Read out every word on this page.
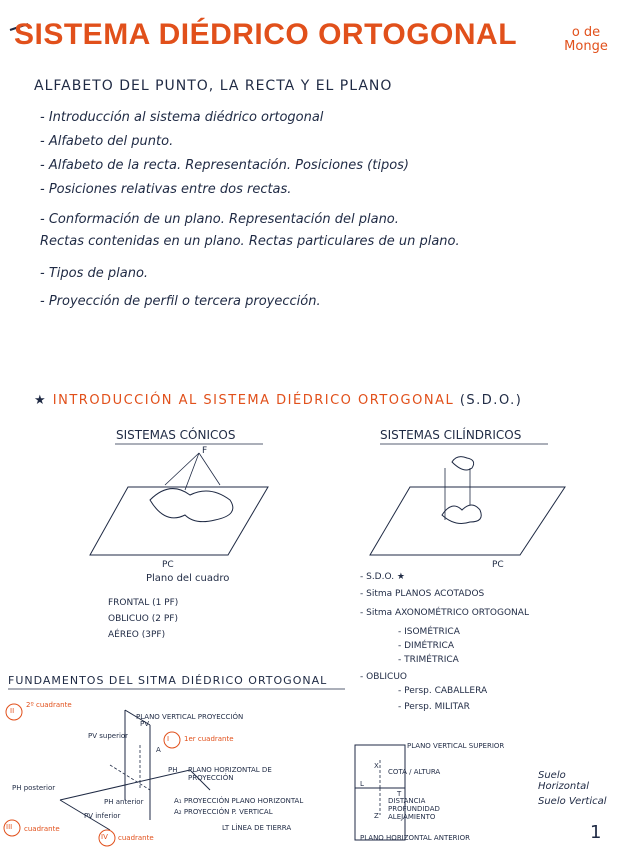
SISTEMA DIÉDRICO ORTOGONAL	o de
Monge
ALFABETO DEL PUNTO, LA RECTA Y EL PLANO
- Introducción al sistema diédrico ortogonal
- Alfabeto del punto.
- Alfabeto de la recta. Representación. Posiciones (tipos)
- Posiciones relativas entre dos rectas.
- Conformación de un plano. Representación del plano.
Rectas contenidas en un plano. Rectas particulares de un plano.
- Tipos de plano.
- Proyección de perfil o tercera proyección.
★ INTRODUCCIÓN AL SISTEMA DIÉDRICO ORTOGONAL (S.D.O.)
SISTEMAS CÓNICOS
F
PC
Plano del cuadro
FRONTAL (1 PF)
OBLICUO (2 PF)
AÉREO (3PF)
SISTEMAS CILÍNDRICOS
PC
- S.D.O. ★
- Sitma PLANOS ACOTADOS
- Sitma AXONOMÉTRICO ORTOGONAL
- ISOMÉTRICA
- DIMÉTRICA
- TRIMÉTRICA
- OBLICUO
- Persp. CABALLERA
- Persp. MILITAR
FUNDAMENTOS DEL SITMA DIÉDRICO ORTOGONAL
II
2º cuadrante
I 1er cuadrante
III cuadrante
IV cuadrante
PLANO VERTICAL PROYECCIÓN
PLANO HORIZONTAL DE PROYECCIÓN
PH
PV
PV superior
PV inferior
PH posterior
PH anterior	A₁ PROYECCIÓN PLANO HORIZONTAL
A₂ PROYECCIÓN P. VERTICAL
LT LÍNEA DE TIERRA
A	PLANO VERTICAL SUPERIOR
COTA / ALTURA
DISTANCIA PROFUNDIDAD ALEJAMIENTO
PLANO HORIZONTAL ANTERIOR
L
T
Z
X
Suelo Horizontal
Suelo Vertical
1
